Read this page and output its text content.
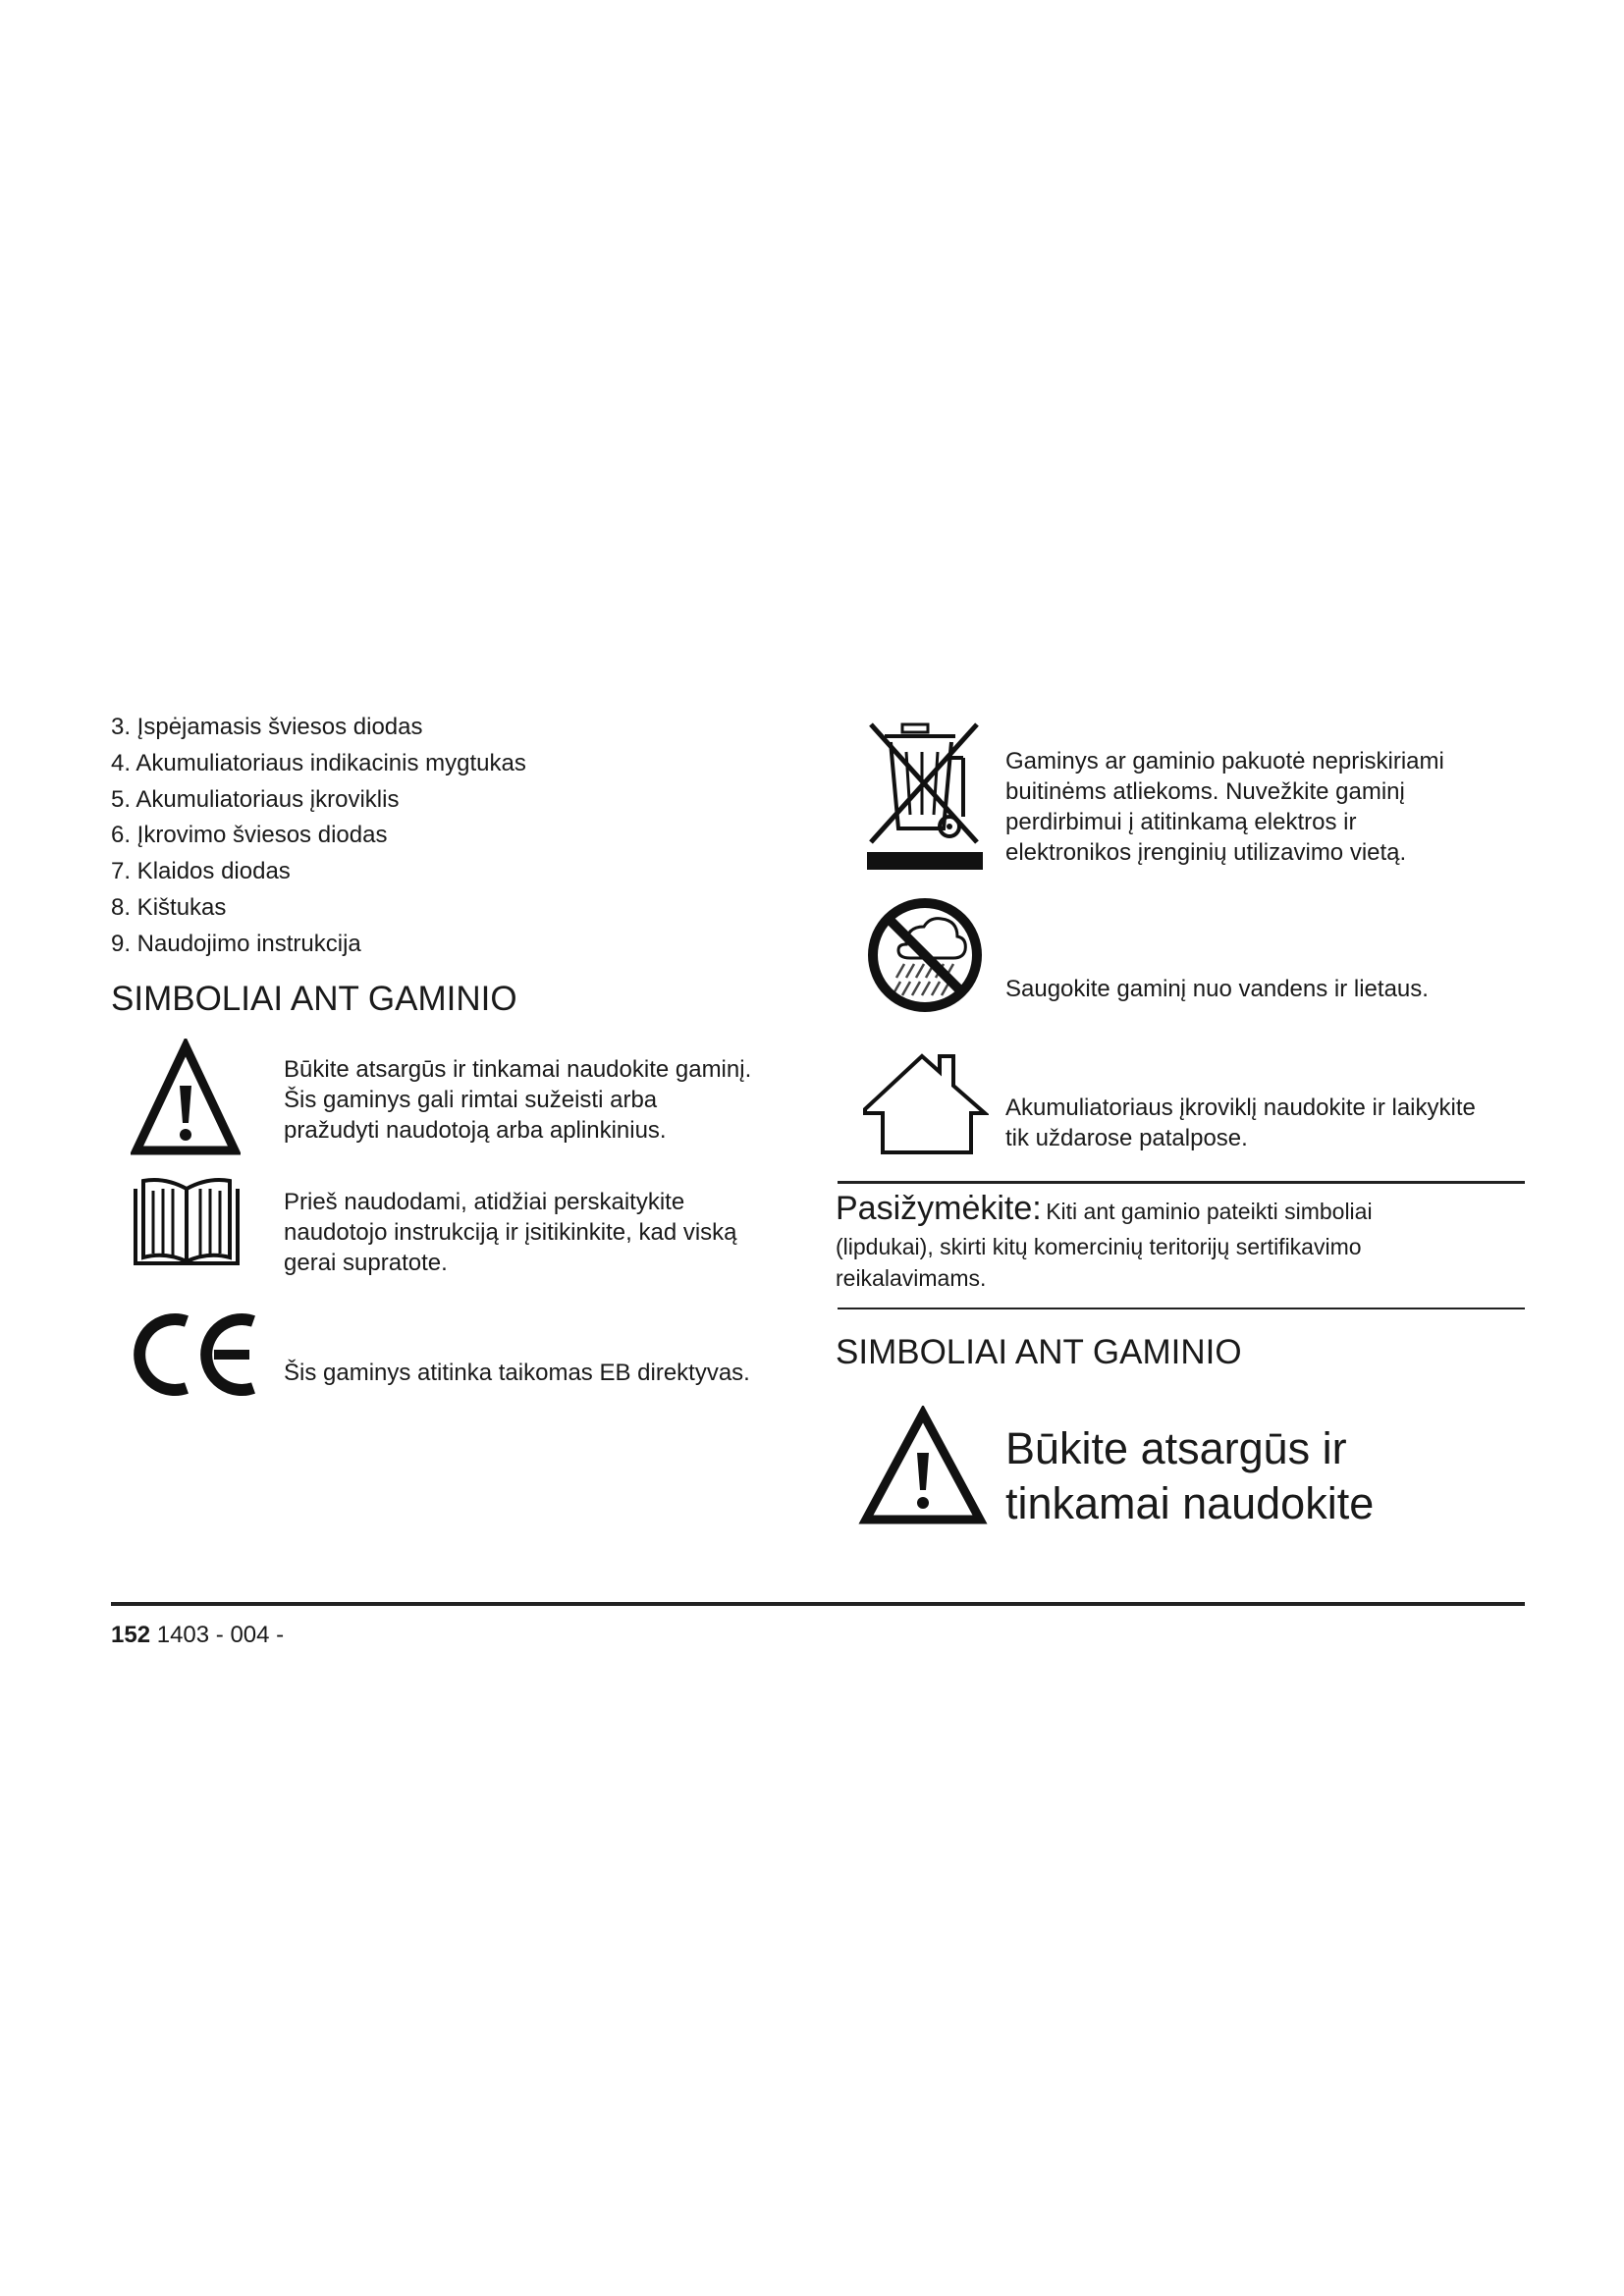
3. Įspėjamasis šviesos diodas
4. Akumuliatoriaus indikacinis mygtukas
5. Akumuliatoriaus įkroviklis
6. Įkrovimo šviesos diodas
7. Klaidos diodas
8. Kištukas
9. Naudojimo instrukcija
SIMBOLIAI ANT GAMINIO
Būkite atsargūs ir tinkamai naudokite gaminį.
Šis gaminys gali rimtai sužeisti arba
pražudyti naudotoją arba aplinkinius.
Prieš naudodami, atidžiai perskaitykite
naudotojo instrukciją ir įsitikinkite, kad viską
gerai supratote.
Šis gaminys atitinka taikomas EB direktyvas.
Gaminys ar gaminio pakuotė nepriskiriami
buitinėms atliekoms. Nuvežkite gaminį
perdirbimui į atitinkamą elektros ir
elektronikos įrenginių utilizavimo vietą.
Saugokite gaminį nuo vandens ir lietaus.
Akumuliatoriaus įkroviklį naudokite ir laikykite
tik uždarose patalpose.
Pasižymėkite: Kiti ant gaminio pateikti simboliai
(lipdukai), skirti kitų komercinių teritorijų sertifikavimo
reikalavimams.
SIMBOLIAI ANT GAMINIO
Būkite atsargūs ir
tinkamai naudokite
152 1403 - 004 -
